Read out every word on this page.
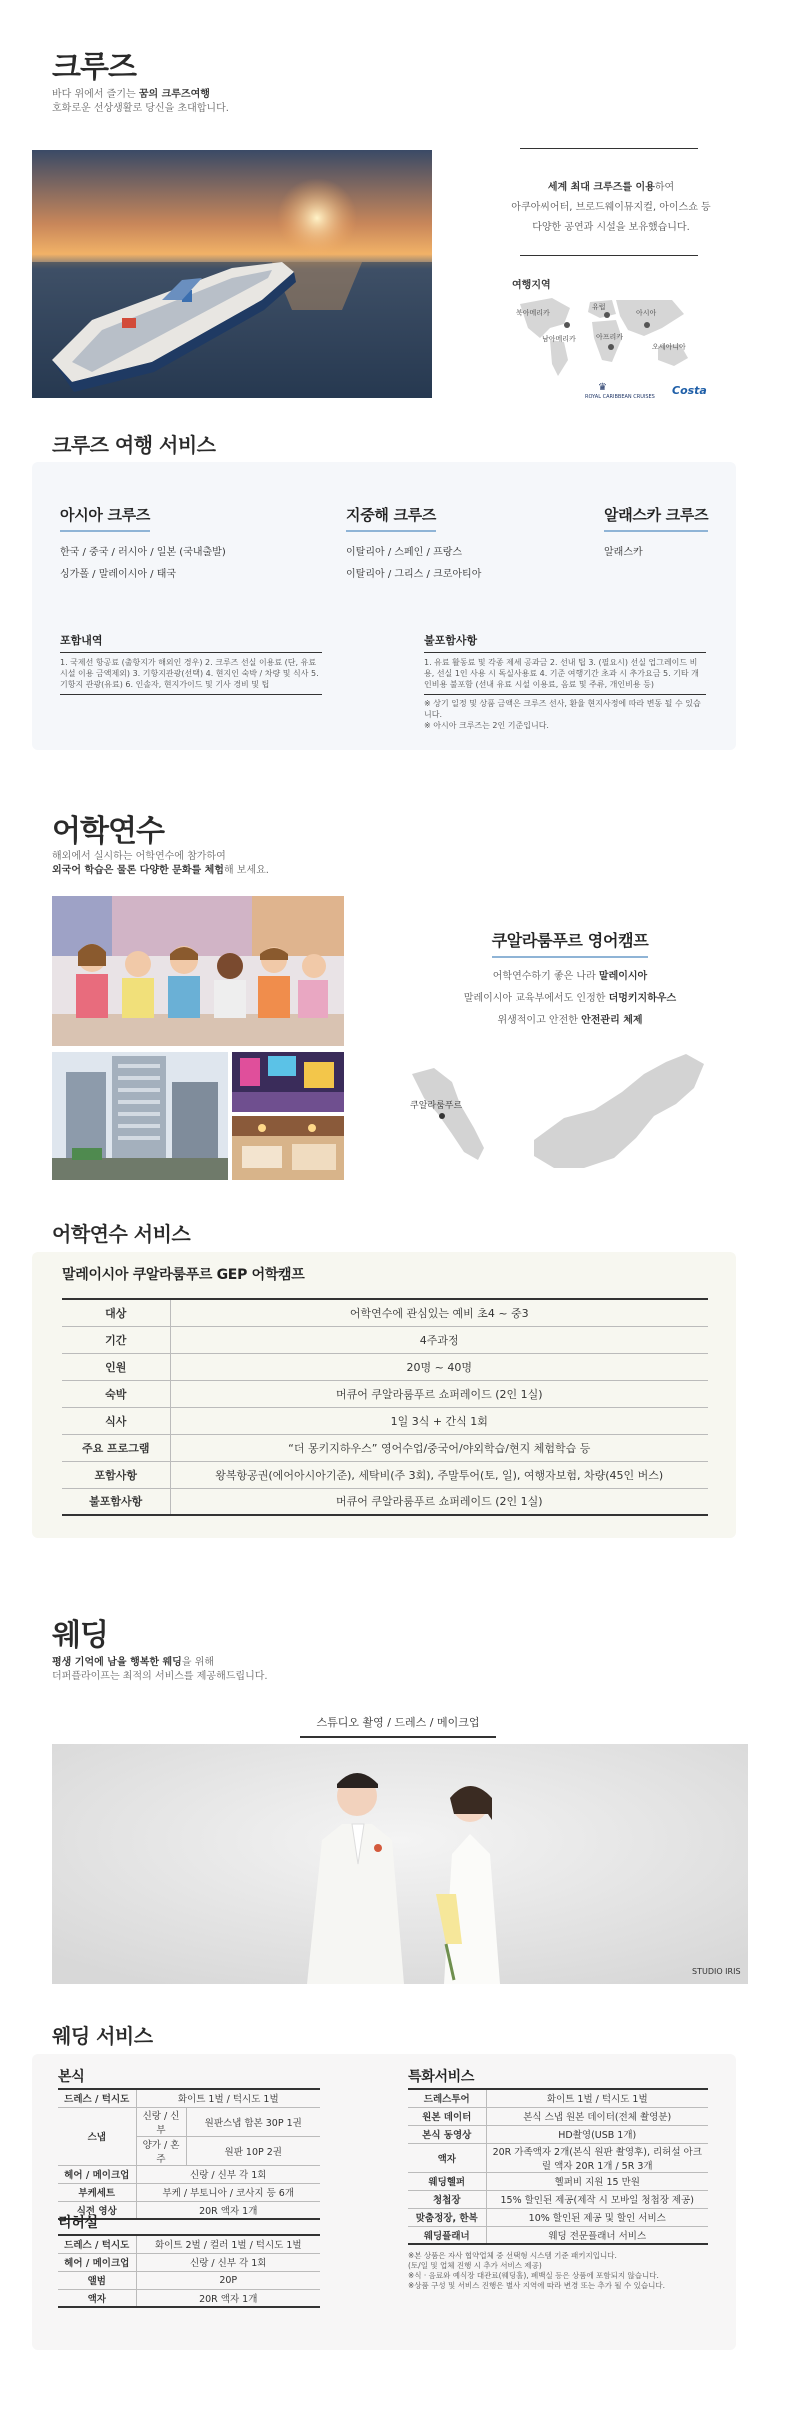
크루즈
바다 위에서 즐기는 꿈의 크루즈여행
호화로운 선상생활로 당신을 초대합니다.
세계 최대 크루즈를 이용하여
아쿠아씨어터, 브로드웨이뮤지컬, 아이스쇼 등
다양한 공연과 시설을 보유했습니다.
여행지역
북아메리카
유럽
아시아
남아메리카	아프리카
오세아니아
♛
ROYAL CARIBBEAN CRUISES Costa
크루즈 여행 서비스
아시아 크루즈
한국 / 중국 / 러시아 / 일본 (국내출발)
싱가폴 / 말레이시아 / 태국
지중해 크루즈
이탈리아 / 스페인 / 프랑스
이탈리아 / 그리스 / 크로아티아
알래스카 크루즈
알래스카
포함내역
1. 국제선 항공료 (출항지가 해외인 경우) 2. 크루즈 선실 이용료 (단, 유료시설 이용 금액제외) 3. 기항지관광(선택) 4. 현지인 숙박 / 차량 및 식사 5. 기항지 관광(유료) 6. 인솔자, 현지가이드 및 기사 경비 및 팁
불포함사항
1. 유료 활동료 및 각종 제세 공과금 2. 선내 팁 3. (필요시) 선실 업그레이드 비용, 선실 1인 사용 시 독실사용료 4. 기준 여행기간 초과 시 추가요금 5. 기타 개인비용 불포함 (선내 유료 시설 이용료, 음료 및 주류, 개인비용 등)
※ 상기 일정 및 상품 금액은 크루즈 선사, 환율 현지사정에 따라 변동 될 수 있습니다.
※ 아시아 크루즈는 2인 기준입니다.
어학연수
해외에서 실시하는 어학연수에 참가하여
외국어 학습은 물론 다양한 문화를 체험해 보세요.
쿠알라룸푸르 영어캠프
어학연수하기 좋은 나라 말레이시아
말레이시아 교육부에서도 인정한 더멍키지하우스
위생적이고 안전한 안전관리 체제
쿠알라룸푸르
어학연수 서비스
말레이시아 쿠알라룸푸르 GEP 어학캠프
대상	어학연수에 관심있는 예비 초4 ~ 중3
기간	4주과정
인원	20명 ~ 40명
숙박	머큐어 쿠알라룸푸르 쇼퍼레이드 (2인 1실)
식사	1일 3식 + 간식 1회
주요 프로그램	“더 몽키지하우스” 영어수업/중국어/야외학습/현지 체험학습 등
포함사항	왕복항공권(에어아시아기준), 세탁비(주 3회), 주말투어(토, 일), 여행자보험, 차량(45인 버스)
불포함사항	머큐어 쿠알라룸푸르 쇼퍼레이드 (2인 1실)
웨딩
평생 기억에 남을 행복한 웨딩을 위해
더퍼플라이프는 최적의 서비스를 제공해드립니다.
스튜디오 촬영 / 드레스 / 메이크업
STUDIO IRIS
웨딩 서비스
본식
드레스 / 턱시도	화이트 1벌 / 턱시도 1벌	
스냅	신랑 / 신부	원판스냅 합본 30P 1권
	양가 / 혼주	원판 10P 2권
헤어 / 메이크업	신랑 / 신부 각 1회	
부케세트	부케 / 부토니아 / 코사지 등 6개	
식전 영상	20R 액자 1개	
리허설
드레스 / 턱시도	화이트 2벌 / 컬러 1벌 / 턱시도 1벌
헤어 / 메이크업	신랑 / 신부 각 1회
앨범	20P
액자	20R 액자 1개
특화서비스
드레스투어	화이트 1벌 / 턱시도 1벌
원본 데이터	본식 스냅 원본 데이터(전체 촬영분)
본식 동영상	HD촬영(USB 1개)
액자	20R 가족액자 2개(본식 원판 촬영후), 리허설 아크릴 액자 20R 1개 / 5R 3개
웨딩헬퍼	헬퍼비 지원 15 만원
청첩장	15% 할인된 제공(제작 시 모바일 청첩장 제공)
맞춤정장, 한복	10% 할인된 제공 및 할인 서비스
웨딩플래너	웨딩 전문플래너 서비스
※본 상품은 자사 협약업체 중 선택형 시스템 기준 패키지입니다.
(토/일 및 업체 진행 시 추가 서비스 제공)
※식 · 음료와 예식장 대관료(웨딩홀), 폐백실 등은 상품에 포함되지 않습니다.
※상품 구성 및 서비스 진행은 별사 지역에 따라 변경 또는 추가 될 수 있습니다.
